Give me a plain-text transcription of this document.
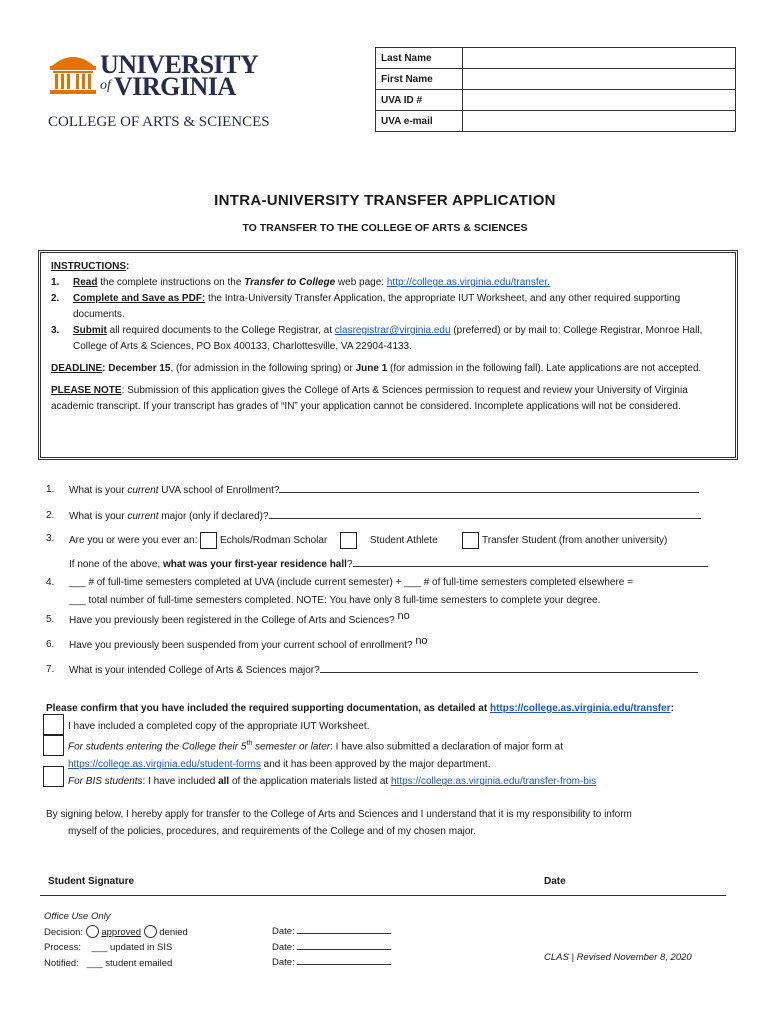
UNIVERSITY
of VIRGINIA
COLLEGE OF ARTS & SCIENCES
Last Name	
First Name	
UVA ID #	
UVA e-mail	
INTRA-UNIVERSITY TRANSFER APPLICATION
TO TRANSFER TO THE COLLEGE OF ARTS & SCIENCES
INSTRUCTIONS:
1. Read the complete instructions on the Transfer to College web page: http://college.as.virginia.edu/transfer.
2. Complete and Save as PDF: the Intra-University Transfer Application, the appropriate IUT Worksheet, and any other required supporting documents.
3. Submit all required documents to the College Registrar, at clasregistrar@virginia.edu (preferred) or by mail to: College Registrar, Monroe Hall, College of Arts & Sciences, PO Box 400133, Charlottesville, VA 22904-4133.

DEADLINE: December 15, (for admission in the following spring) or June 1 (for admission in the following fall). Late applications are not accepted.

PLEASE NOTE: Submission of this application gives the College of Arts & Sciences permission to request and review your University of Virginia academic transcript. If your transcript has grades of “IN” your application cannot be considered. Incomplete applications will not be considered.

1. What is your current UVA school of Enrollment?
2. What is your current major (only if declared)?
3. Are you or were you ever an: Echols/Rodman Scholar	Student Athlete	Transfer Student (from another university)
If none of the above, what was your first-year residence hall?
4. ___ # of full-time semesters completed at UVA (include current semester) + ___ # of full-time semesters completed elsewhere =
___ total number of full-time semesters completed. NOTE: You have only 8 full-time semesters to complete your degree.
5. Have you previously been registered in the College of Arts and Sciences? no
6. Have you previously been suspended from your current school of enrollment? no
7. What is your intended College of Arts & Sciences major?
Please confirm that you have included the required supporting documentation, as detailed at https://college.as.virginia.edu/transfer:
I have included a completed copy of the appropriate IUT Worksheet.
For students entering the College their 5th semester or later: I have also submitted a declaration of major form at
https://college.as.virginia.edu/student-forms and it has been approved by the major department.
For BIS students: I have included all of the application materials listed at https://college.as.virginia.edu/transfer-from-bis
By signing below, I hereby apply for transfer to the College of Arts and Sciences and I understand that it is my responsibility to inform
myself of the policies, procedures, and requirements of the College and of my chosen major.
Student Signature	Date
Office Use Only
Decision: approved denied
Process: ___ updated in SIS
Notified: ___ student emailed
Date:
Date:
Date:	CLAS | Revised November 8, 2020
